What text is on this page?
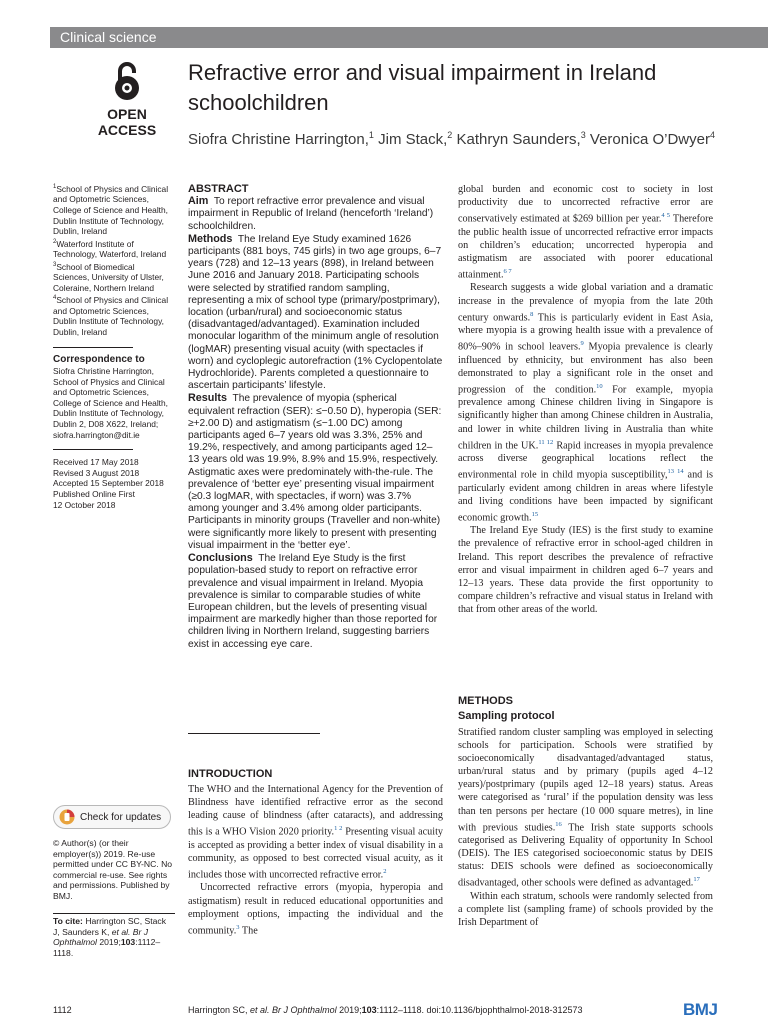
Clinical science
OPEN ACCESS
Refractive error and visual impairment in Ireland schoolchildren
Siofra Christine Harrington,$^1$ Jim Stack,$^2$ Kathryn Saunders,$^3$ Veronica O’Dwyer$^4$
$^1$School of Physics and Clinical and Optometric Sciences, College of Science and Health, Dublin Institute of Technology, Dublin, Ireland
$^2$Waterford Institute of Technology, Waterford, Ireland
$^3$School of Biomedical Sciences, University of Ulster, Coleraine, Northern Ireland
$^4$School of Physics and Clinical and Optometric Sciences, Dublin Institute of Technology, Dublin, Ireland
Correspondence to
Siofra Christine Harrington, School of Physics and Clinical and Optometric Sciences, College of Science and Health, Dublin Institute of Technology, Dublin 2, D08 X622, Ireland; siofra.harrington@dit.ie
Received 17 May 2018
Revised 3 August 2018
Accepted 15 September 2018
Published Online First
12 October 2018
Check for updates
© Author(s) (or their employer(s)) 2019. Re-use permitted under CC BY-NC. No commercial re-use. See rights and permissions. Published by BMJ.
To cite: Harrington SC, Stack J, Saunders K, et al. Br J Ophthalmol 2019;103:1112–1118.
ABSTRACT
Aim To report refractive error prevalence and visual impairment in Republic of Ireland (henceforth ‘Ireland’) schoolchildren.
Methods The Ireland Eye Study examined 1626 participants (881 boys, 745 girls) in two age groups, 6–7 years (728) and 12–13 years (898), in Ireland between June 2016 and January 2018. Participating schools were selected by stratified random sampling, representing a mix of school type (primary/postprimary), location (urban/rural) and socioeconomic status (disadvantaged/advantaged). Examination included monocular logarithm of the minimum angle of resolution (logMAR) presenting visual acuity (with spectacles if worn) and cycloplegic autorefraction (1% Cyclopentolate Hydrochloride). Parents completed a questionnaire to ascertain participants’ lifestyle.
Results The prevalence of myopia (spherical equivalent refraction (SER): ≤−0.50 D), hyperopia (SER: ≥+2.00 D) and astigmatism (≤−1.00 DC) among participants aged 6–7 years old was 3.3%, 25% and 19.2%, respectively, and among participants aged 12–13 years old was 19.9%, 8.9% and 15.9%, respectively. Astigmatic axes were predominately with-the-rule. The prevalence of ‘better eye’ presenting visual impairment (≥0.3 logMAR, with spectacles, if worn) was 3.7% among younger and 3.4% among older participants. Participants in minority groups (Traveller and non-white) were significantly more likely to present with presenting visual impairment in the ‘better eye’.
Conclusions The Ireland Eye Study is the first population-based study to report on refractive error prevalence and visual impairment in Ireland. Myopia prevalence is similar to comparable studies of white European children, but the levels of presenting visual impairment are markedly higher than those reported for children living in Northern Ireland, suggesting barriers exist in accessing eye care.
INTRODUCTION

The WHO and the International Agency for the Prevention of Blindness have identified refractive error as the second leading cause of blindness (after cataracts), and addressing this is a WHO Vision 2020 priority.$^{1 2}$ Presenting visual acuity is accepted as providing a better index of visual disability in a community, as opposed to best corrected visual acuity, as it includes those with uncorrected refractive error.$^2$

Uncorrected refractive errors (myopia, hyperopia and astigmatism) result in reduced educational opportunities and employment options, impacting the individual and the community.$^3$ The

global burden and economic cost to society in lost productivity due to uncorrected refractive error are conservatively estimated at $269 billion per year.$^{4 5}$ Therefore the public health issue of uncorrected refractive error impacts on children’s education; uncorrected hyperopia and astigmatism are associated with poorer educational attainment.$^{6 7}$

Research suggests a wide global variation and a dramatic increase in the prevalence of myopia from the late 20th century onwards.$^8$ This is particularly evident in East Asia, where myopia is a growing health issue with a prevalence of 80%–90% in school leavers.$^9$ Myopia prevalence is clearly influenced by ethnicity, but environment has also been demonstrated to play a significant role in the onset and progression of the condition.$^{10}$ For example, myopia prevalence among Chinese children living in Singapore is significantly higher than among Chinese children in Australia, and lower in white children living in Australia than white children in the UK.$^{11 12}$ Rapid increases in myopia prevalence across diverse geographical locations reflect the environmental role in child myopia susceptibility,$^{13 14}$ and is particularly evident among children in areas where lifestyle and living conditions have been impacted by significant economic growth.$^{15}$

The Ireland Eye Study (IES) is the first study to examine the prevalence of refractive error in school-aged children in Ireland. This report describes the prevalence of refractive error and visual impairment in children aged 6–7 years and 12–13 years. These data provide the first opportunity to compare children’s refractive and visual status in Ireland with that from other areas of the world.

METHODS
Sampling protocol

Stratified random cluster sampling was employed in selecting schools for participation. Schools were stratified by socioeconomically disadvantaged/advantaged status, urban/rural status and by primary (pupils aged 4–12 years)/postprimary (pupils aged 12–18 years) status. Areas were categorised as ‘rural’ if the population density was less than ten persons per hectare (10 000 square metres), in line with previous studies.$^{16}$ The Irish state supports schools categorised as Delivering Equality of opportunity In School (DEIS). The IES categorised socioeconomic status by DEIS status: DEIS schools were defined as socioeconomically disadvantaged, other schools were defined as advantaged.$^{17}$

Within each stratum, schools were randomly selected from a complete list (sampling frame) of schools provided by the Irish Department of

1112	Harrington SC, et al. Br J Ophthalmol 2019;103:1112–1118. doi:10.1136/bjophthalmol-2018-312573	BMJ
